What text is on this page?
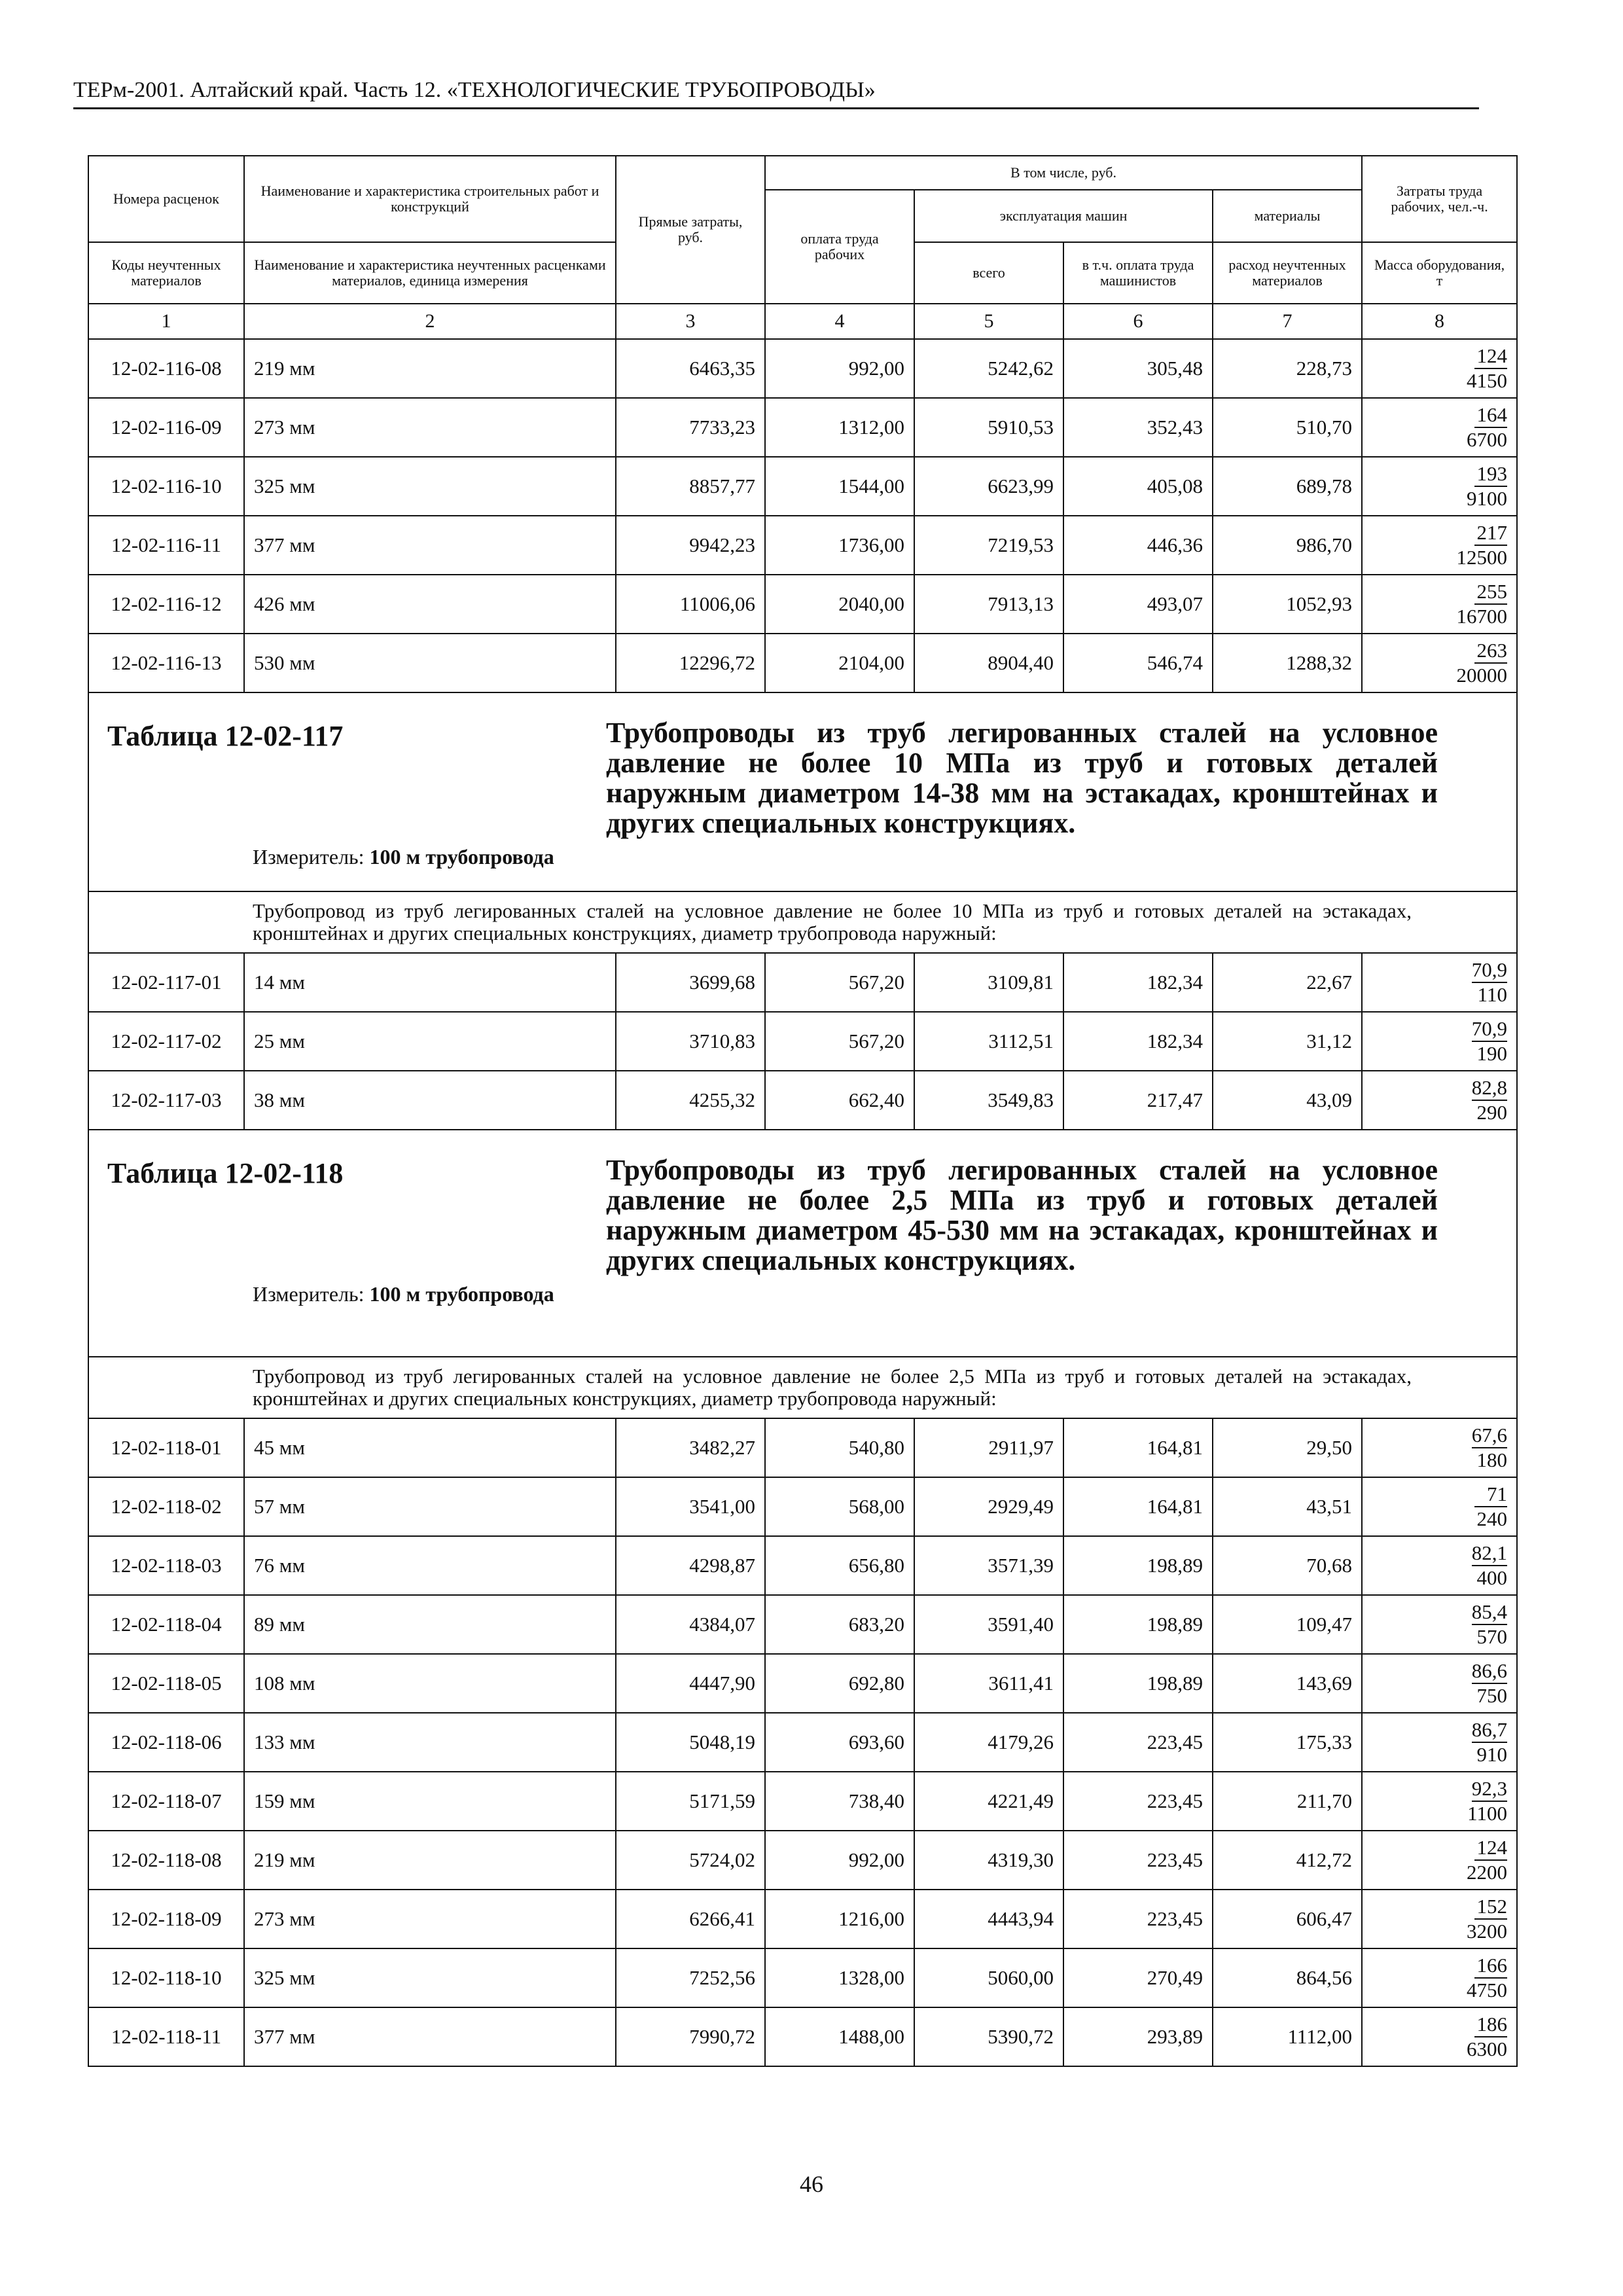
ТЕРм-2001. Алтайский край. Часть 12. «ТЕХНОЛОГИЧЕСКИЕ ТРУБОПРОВОДЫ»
Номера расценок	Наименование и характеристика строительных работ и конструкций	Прямые затраты, руб.	В том числе, руб.				Затраты труда рабочих, чел.-ч.
			оплата труда рабочих	эксплуатация машин		материалы	
Коды неучтенных материалов	Наименование и характеристика неучтенных расценками материалов, единица измерения			всего	в т.ч. оплата труда машинистов	расход неучтенных материалов	Масса оборудования, т
1	2	3	4	5	6	7	8
12-02-116-08	219 мм	6463,35	992,00	5242,62	305,48	228,73	124
4150

12-02-116-09	273 мм	7733,23	1312,00	5910,53	352,43	510,70	164
6700

12-02-116-10	325 мм	8857,77	1544,00	6623,99	405,08	689,78	193
9100

12-02-116-11	377 мм	9942,23	1736,00	7219,53	446,36	986,70	217
12500

12-02-116-12	426 мм	11006,06	2040,00	7913,13	493,07	1052,93	255
16700

12-02-116-13	530 мм	12296,72	2104,00	8904,40	546,74	1288,32	263
20000

Таблица 12-02-117 Трубопроводы из труб легированных сталей на условное давление не более 10 МПа из труб и готовых деталей наружным диаметром 14-38 мм на эстакадах, кронштейнах и других специальных конструкциях.
Измеритель: 100 м трубопровода							

Трубопровод из труб легированных сталей на условное давление не более 10 МПа из труб и готовых деталей на эстакадах, кронштейнах и других специальных конструкциях, диаметр трубопровода наружный:							
12-02-117-01	14 мм	3699,68	567,20	3109,81	182,34	22,67	70,9
110

12-02-117-02	25 мм	3710,83	567,20	3112,51	182,34	31,12	70,9
190

12-02-117-03	38 мм	4255,32	662,40	3549,83	217,47	43,09	82,8
290

Таблица 12-02-118 Трубопроводы из труб легированных сталей на условное давление не более 2,5 МПа из труб и готовых деталей наружным диаметром 45-530 мм на эстакадах, кронштейнах и других специальных конструкциях.
Измеритель: 100 м трубопровода							

Трубопровод из труб легированных сталей на условное давление не более 2,5 МПа из труб и готовых деталей на эстакадах, кронштейнах и других специальных конструкциях, диаметр трубопровода наружный:							
12-02-118-01	45 мм	3482,27	540,80	2911,97	164,81	29,50	67,6
180

12-02-118-02	57 мм	3541,00	568,00	2929,49	164,81	43,51	71
240

12-02-118-03	76 мм	4298,87	656,80	3571,39	198,89	70,68	82,1
400

12-02-118-04	89 мм	4384,07	683,20	3591,40	198,89	109,47	85,4
570

12-02-118-05	108 мм	4447,90	692,80	3611,41	198,89	143,69	86,6
750

12-02-118-06	133 мм	5048,19	693,60	4179,26	223,45	175,33	86,7
910

12-02-118-07	159 мм	5171,59	738,40	4221,49	223,45	211,70	92,3
1100

12-02-118-08	219 мм	5724,02	992,00	4319,30	223,45	412,72	124
2200

12-02-118-09	273 мм	6266,41	1216,00	4443,94	223,45	606,47	152
3200

12-02-118-10	325 мм	7252,56	1328,00	5060,00	270,49	864,56	166
4750

12-02-118-11	377 мм	7990,72	1488,00	5390,72	293,89	1112,00	186
6300
46
